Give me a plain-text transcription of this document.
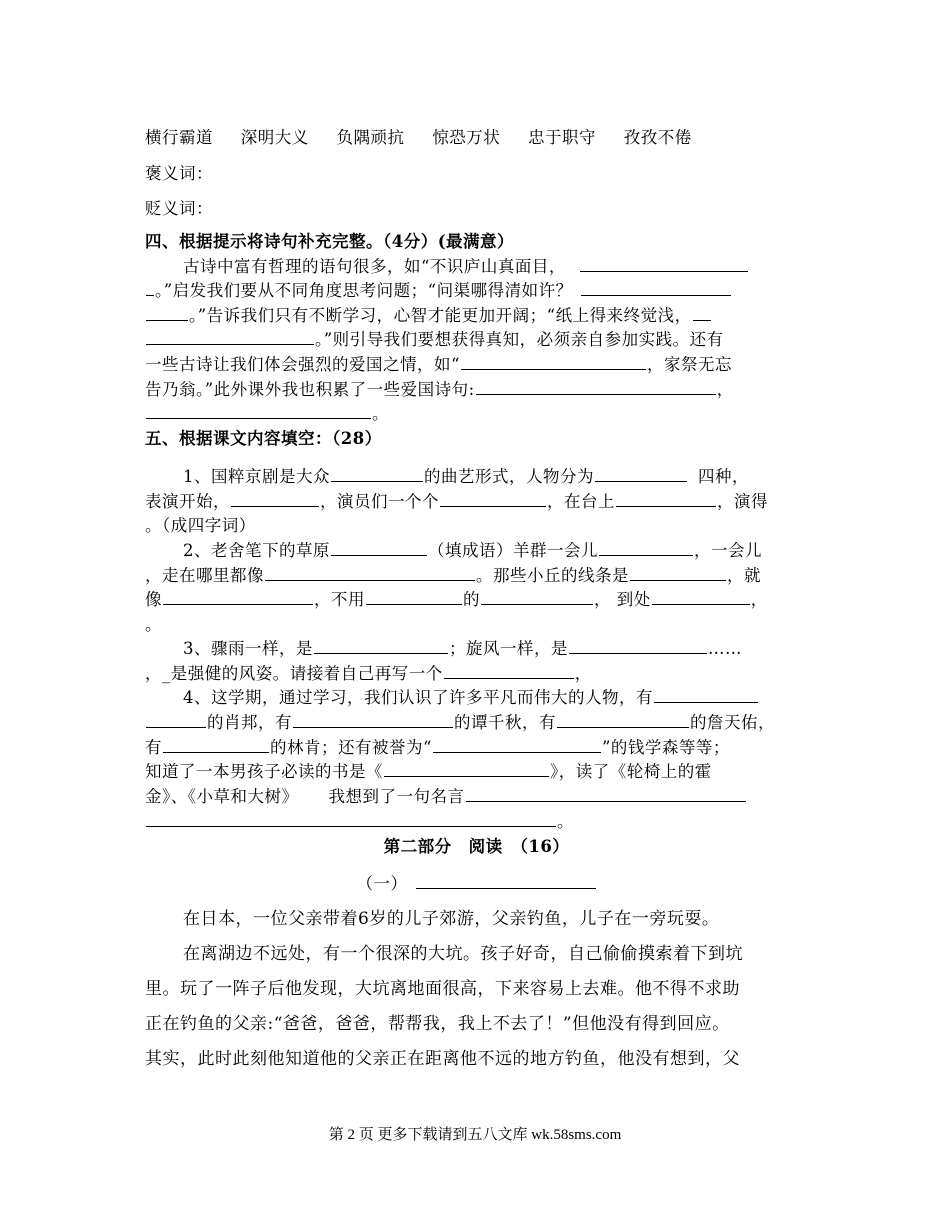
横行霸道 深明大义 负隅顽抗 惊恐万状 忠于职守 孜孜不倦
褒义词：
贬义词：
四、根据提示将诗句补充完整。（4分）(最满意）
古诗中富有哲理的语句很多，如“不识庐山真面目，
。”启发我们要从不同角度思考问题；“问渠哪得清如许？
。”告诉我们只有不断学习，心智才能更加开阔；“纸上得来终觉浅，
。”则引导我们要想获得真知，必须亲自参加实践。还有
一些古诗让我们体会强烈的爱国之情，如“	，家祭无忘
告乃翁。”此外课外我也积累了一些爱国诗句:	，
。
五、根据课文内容填空：（28）
1、国粹京剧是大众	的曲艺形式，人物分为	四种，
表演开始，	，演员们一个个	，在台上	，演得
。（成四字词）
2、老舍笔下的草原	（填成语）羊群一会儿	，一会儿
，走在哪里都像	。那些小丘的线条是	，就
像	，不用	的	， 到处	，
。
3、骤雨一样，是	；旋风一样，是	……
，_是强健的风姿。请接着自己再写一个	，
4、这学期，通过学习，我们认识了许多平凡而伟大的人物，有
的肖邦，有	的谭千秋，有	的詹天佑，
有	的林肯；还有被誉为“	”的钱学森等等；
知道了一本男孩子必读的书是《	》，读了《轮椅上的霍
金》、《小草和大树》 我想到了一句名言
。
第二部分　阅读　（16）
（一）
在日本，一位父亲带着6岁的儿子郊游，父亲钓鱼，儿子在一旁玩耍。
在离湖边不远处，有一个很深的大坑。孩子好奇，自己偷偷摸索着下到坑
里。玩了一阵子后他发现，大坑离地面很高，下来容易上去难。他不得不求助
正在钓鱼的父亲:“爸爸，爸爸，帮帮我，我上不去了！”但他没有得到回应。
其实，此时此刻他知道他的父亲正在距离他不远的地方钓鱼，他没有想到，父
第 2 页 更多下载请到五八文库 wk.58sms.com
